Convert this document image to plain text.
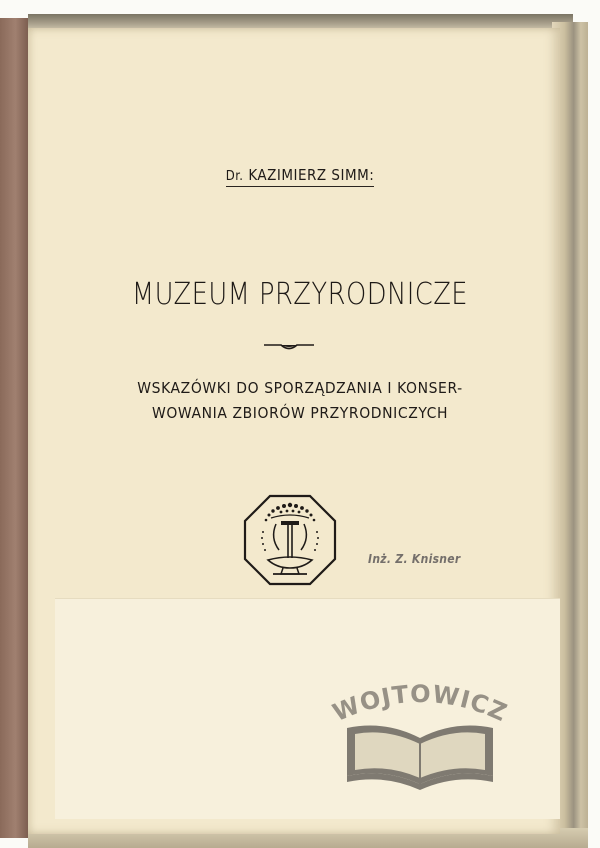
Dr. KAZIMIERZ SIMM:
MUZEUM PRZYRODNICZE
WSKAZÓWKI DO SPORZĄDZANIA I KONSER-
WOWANIA ZBIORÓW PRZYRODNICZYCH
Inż. Z. Knisner
WOJTOWICZ
